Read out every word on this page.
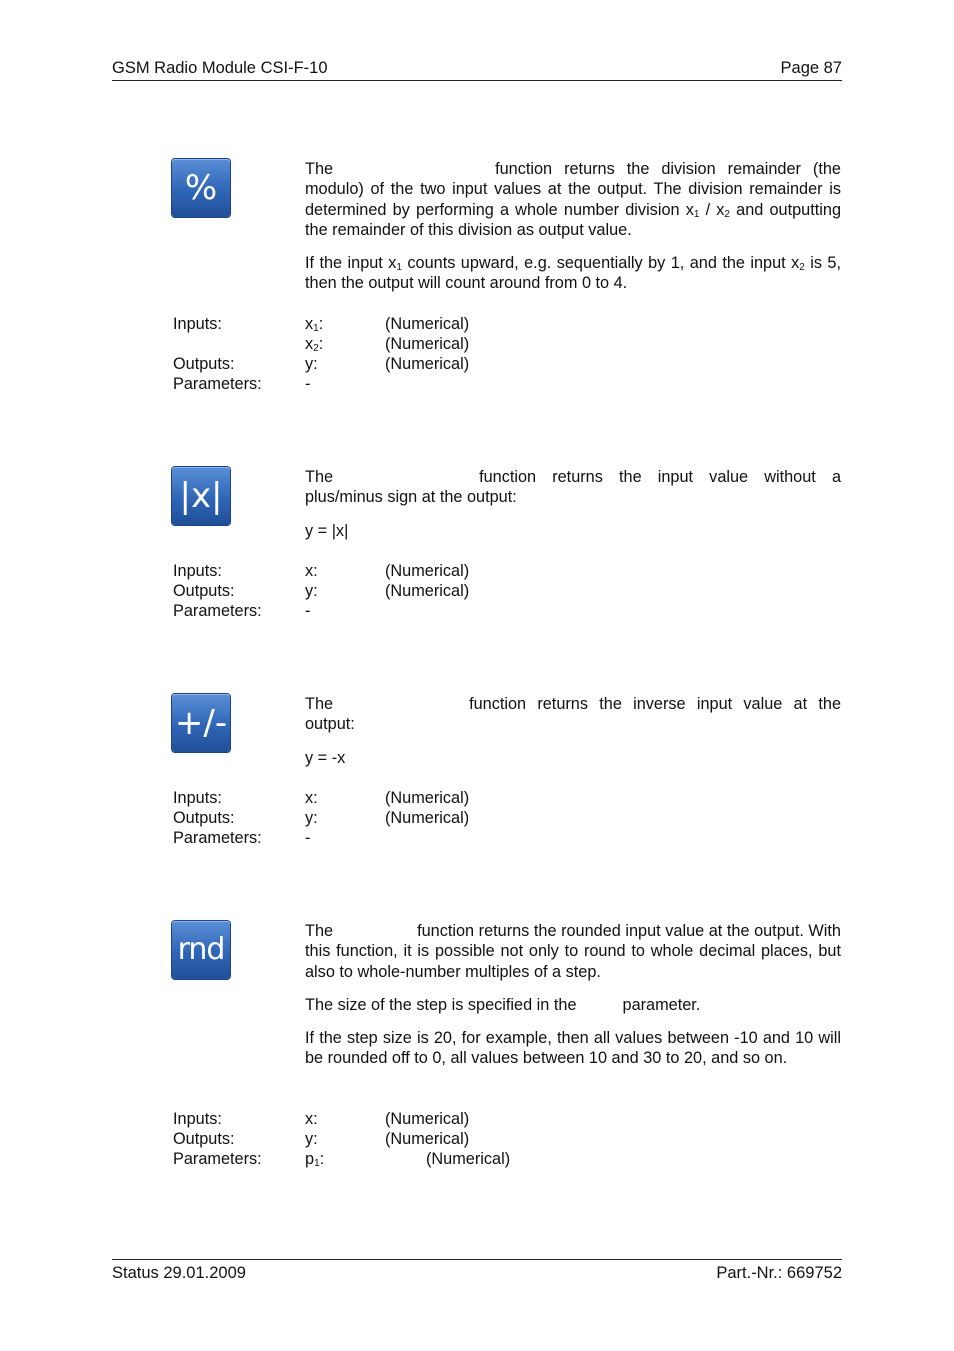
GSM Radio Module CSI-F-10	Page 87
%	The	function returns the division remainder (the modulo) of the two input values at the output. The division remainder is determined by performing a whole number division $x_1 / x_2$ and outputting the remainder of this division as output value.

If the input $x_1$ counts upward, e.g. sequentially by 1, and the input $x_2$ is 5, then the output will count around from 0 to 4.

Inputs:	$x_1$:	(Numerical)
$x_2$:	(Numerical)
Outputs:	y:	(Numerical)
Parameters:	-
|x|	The	function returns the input value without a plus/minus sign at the output:

y = |x|

Inputs:	x:	(Numerical)
Outputs:	y:	(Numerical)
Parameters:	-
+/-	The	function returns the inverse input value at the output:

y = -x

Inputs:	x:	(Numerical)
Outputs:	y:	(Numerical)
Parameters:	-
rnd

The	function returns the rounded input value at the output. With this function, it is possible not only to round to whole decimal places, but also to whole-number multiples of a step.

The size of the step is specified in the	parameter.

If the step size is 20, for example, then all values between -10 and 10 will be rounded off to 0, all values between 10 and 30 to 20, and so on.

Inputs:	x:	(Numerical)
Outputs:	y:	(Numerical)
Parameters:	$p_1$:	(Numerical)
Status 29.01.2009	Part.-Nr.: 669752
